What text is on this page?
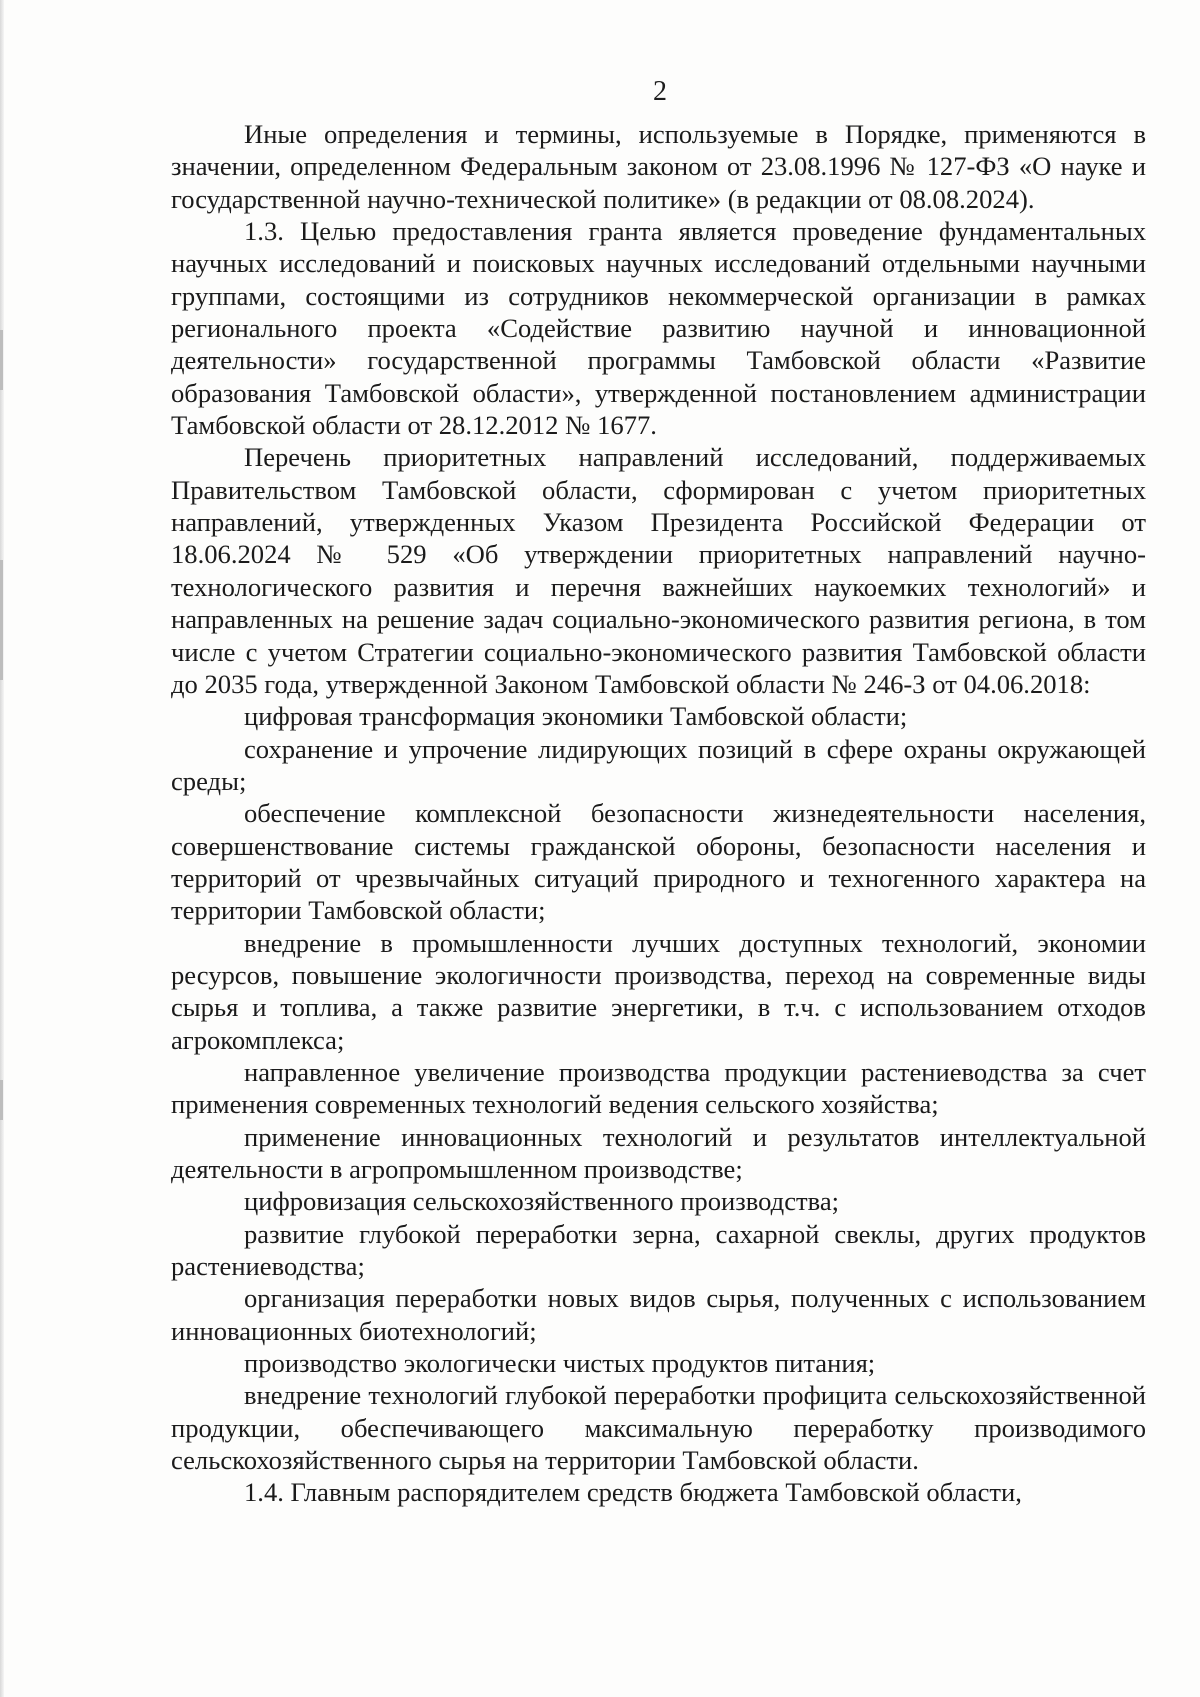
2

Иные определения и термины, используемые в Порядке, применяются в значении, определенном Федеральным законом от 23.08.1996 № 127-ФЗ «О науке и государственной научно-технической политике» (в редакции от 08.08.2024).

1.3. Целью предоставления гранта является проведение фундаментальных научных исследований и поисковых научных исследований отдельными научными группами, состоящими из сотрудников некоммерческой организации в рамках регионального проекта «Содействие развитию научной и инновационной деятельности» государственной программы Тамбовской области «Развитие образования Тамбовской области», утвержденной постановлением администрации Тамбовской области от 28.12.2012 № 1677.

Перечень приоритетных направлений исследований, поддерживаемых Правительством Тамбовской области, сформирован с учетом приоритетных направлений, утвержденных Указом Президента Российской Федерации от 18.06.2024 № 529 «Об утверждении приоритетных направлений научно-технологического развития и перечня важнейших наукоемких технологий» и направленных на решение задач социально-экономического развития региона, в том числе с учетом Стратегии социально-экономического развития Тамбовской области до 2035 года, утвержденной Законом Тамбовской области № 246-З от 04.06.2018:

цифровая трансформация экономики Тамбовской области;

сохранение и упрочение лидирующих позиций в сфере охраны окружающей среды;

обеспечение комплексной безопасности жизнедеятельности населения, совершенствование системы гражданской обороны, безопасности населения и территорий от чрезвычайных ситуаций природного и техногенного характера на территории Тамбовской области;

внедрение в промышленности лучших доступных технологий, экономии ресурсов, повышение экологичности производства, переход на современные виды сырья и топлива, а также развитие энергетики, в т.ч. с использованием отходов агрокомплекса;

направленное увеличение производства продукции растениеводства за счет применения современных технологий ведения сельского хозяйства;

применение инновационных технологий и результатов интеллектуальной деятельности в агропромышленном производстве;

цифровизация сельскохозяйственного производства;

развитие глубокой переработки зерна, сахарной свеклы, других продуктов растениеводства;

организация переработки новых видов сырья, полученных с использованием инновационных биотехнологий;

производство экологически чистых продуктов питания;

внедрение технологий глубокой переработки профицита сельскохозяйственной продукции, обеспечивающего максимальную переработку производимого сельскохозяйственного сырья на территории Тамбовской области.

1.4. Главным распорядителем средств бюджета Тамбовской области,
